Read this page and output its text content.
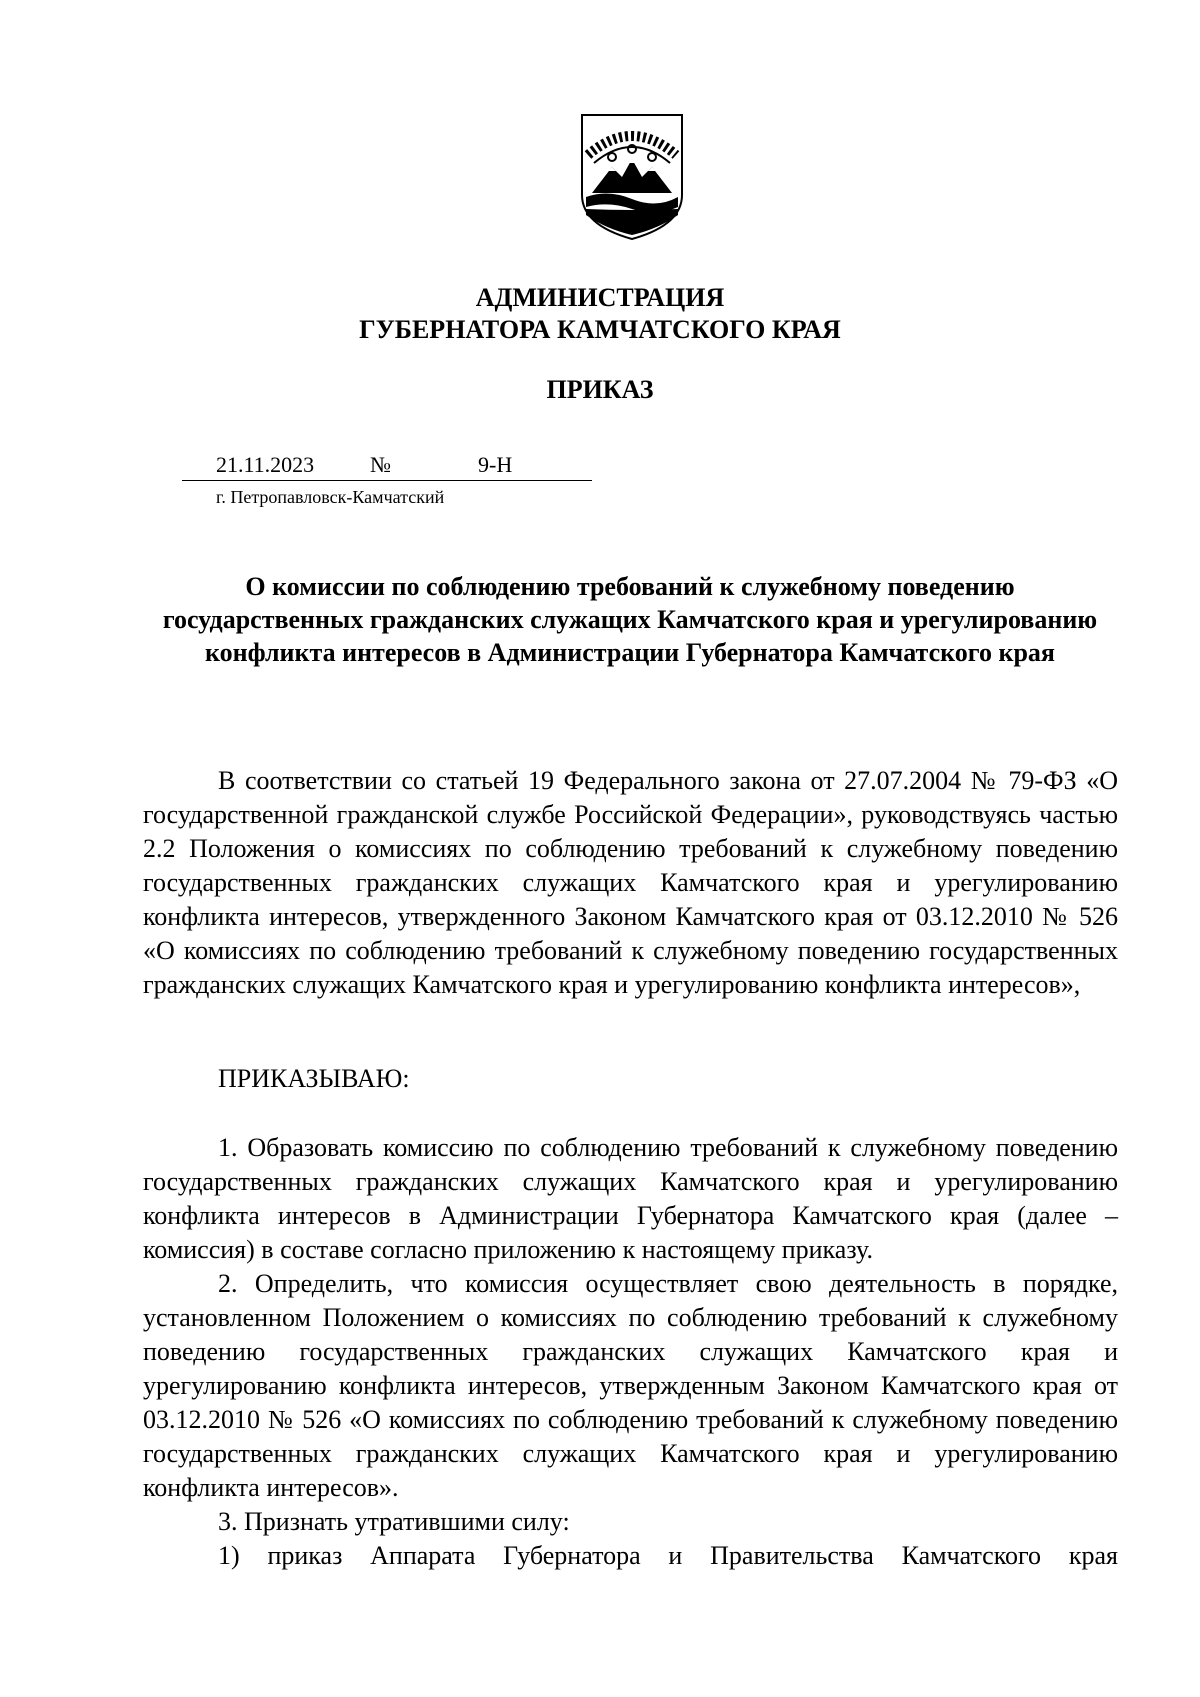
АДМИНИСТРАЦИЯ
ГУБЕРНАТОРА КАМЧАТСКОГО КРАЯ
ПРИКАЗ
21.11.2023	№	9-Н
г. Петропавловск-Камчатский
О комиссии по соблюдению требований к служебному поведению государственных гражданских служащих Камчатского края и урегулированию конфликта интересов в Администрации Губернатора Камчатского края

В соответствии со статьей 19 Федерального закона от 27.07.2004 № 79-ФЗ «О государственной гражданской службе Российской Федерации», руководствуясь частью 2.2 Положения о комиссиях по соблюдению требований к служебному поведению государственных гражданских служащих Камчатского края и урегулированию конфликта интересов, утвержденного Законом Камчатского края от 03.12.2010 № 526 «О комиссиях по соблюдению требований к служебному поведению государственных гражданских служащих Камчатского края и урегулированию конфликта интересов»,

ПРИКАЗЫВАЮ:

1. Образовать комиссию по соблюдению требований к служебному поведению государственных гражданских служащих Камчатского края и урегулированию конфликта интересов в Администрации Губернатора Камчатского края (далее – комиссия) в составе согласно приложению к настоящему приказу.

2. Определить, что комиссия осуществляет свою деятельность в порядке, установленном Положением о комиссиях по соблюдению требований к служебному поведению государственных гражданских служащих Камчатского края и урегулированию конфликта интересов, утвержденным Законом Камчатского края от 03.12.2010 № 526 «О комиссиях по соблюдению требований к служебному поведению государственных гражданских служащих Камчатского края и урегулированию конфликта интересов».

3. Признать утратившими силу:

1) приказ Аппарата Губернатора и Правительства Камчатского края
